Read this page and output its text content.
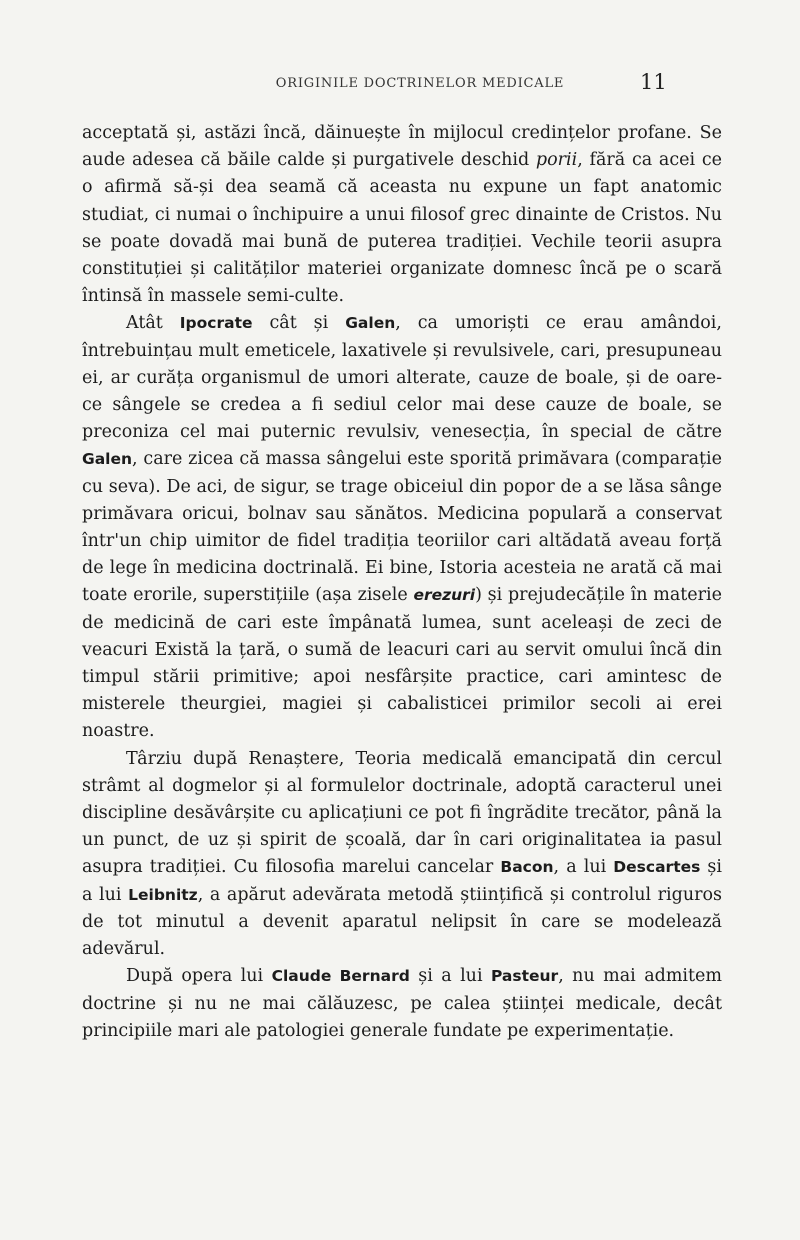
ORIGINILE DOCTRINELOR MEDICALE	11

acceptată și, astăzi încă, dăinuește în mijlocul credințelor profane. Se aude adesea că băile calde și purgativele deschid porii, fără ca acei ce o afirmă să-și dea seamă că aceasta nu expune un fapt anatomic studiat, ci numai o închipuire a unui filosof grec dinainte de Cristos. Nu se poate dovadă mai bună de puterea tradiției. Vechile teorii asupra constituției și calităților materiei organizate domnesc încă pe o scară întinsă în massele semi-culte.

Atât Ipocrate cât și Galen, ca umoriști ce erau amândoi, întrebuințau mult emeticele, laxativele și revulsivele, cari, presupuneau ei, ar curăța organismul de umori alterate, cauze de boale, și de oare-ce sângele se credea a fi sediul celor mai dese cauze de boale, se preconiza cel mai puternic revulsiv, venesecția, în special de către Galen, care zicea că massa sângelui este sporită primăvara (comparație cu seva). De aci, de sigur, se trage obiceiul din popor de a se lăsa sânge primăvara oricui, bolnav sau sănătos. Medicina populară a conservat într'un chip uimitor de fidel tradiția teoriilor cari altădată aveau forță de lege în medicina doctrinală. Ei bine, Istoria acesteia ne arată că mai toate erorile, superstițiile (așa zisele erezuri) și prejudecățile în materie de medicină de cari este împânată lumea, sunt aceleași de zeci de veacuri Există la țară, o sumă de leacuri cari au servit omului încă din timpul stării primitive; apoi nesfârșite practice, cari amintesc de misterele theurgiei, magiei și cabalisticei primilor secoli ai erei noastre.

Târziu după Renaștere, Teoria medicală emancipată din cercul strâmt al dogmelor și al formulelor doctrinale, adoptă caracterul unei discipline desăvârșite cu aplicațiuni ce pot fi îngrădite trecător, până la un punct, de uz și spirit de școală, dar în cari originalitatea ia pasul asupra tradiției. Cu filosofia marelui cancelar Bacon, a lui Descartes și a lui Leibnitz, a apărut adevărata metodă științifică și controlul riguros de tot minutul a devenit aparatul nelipsit în care se modelează adevărul.

După opera lui Claude Bernard și a lui Pasteur, nu mai admitem doctrine și nu ne mai călăuzesc, pe calea științei medicale, decât principiile mari ale patologiei generale fundate pe experimentație.
